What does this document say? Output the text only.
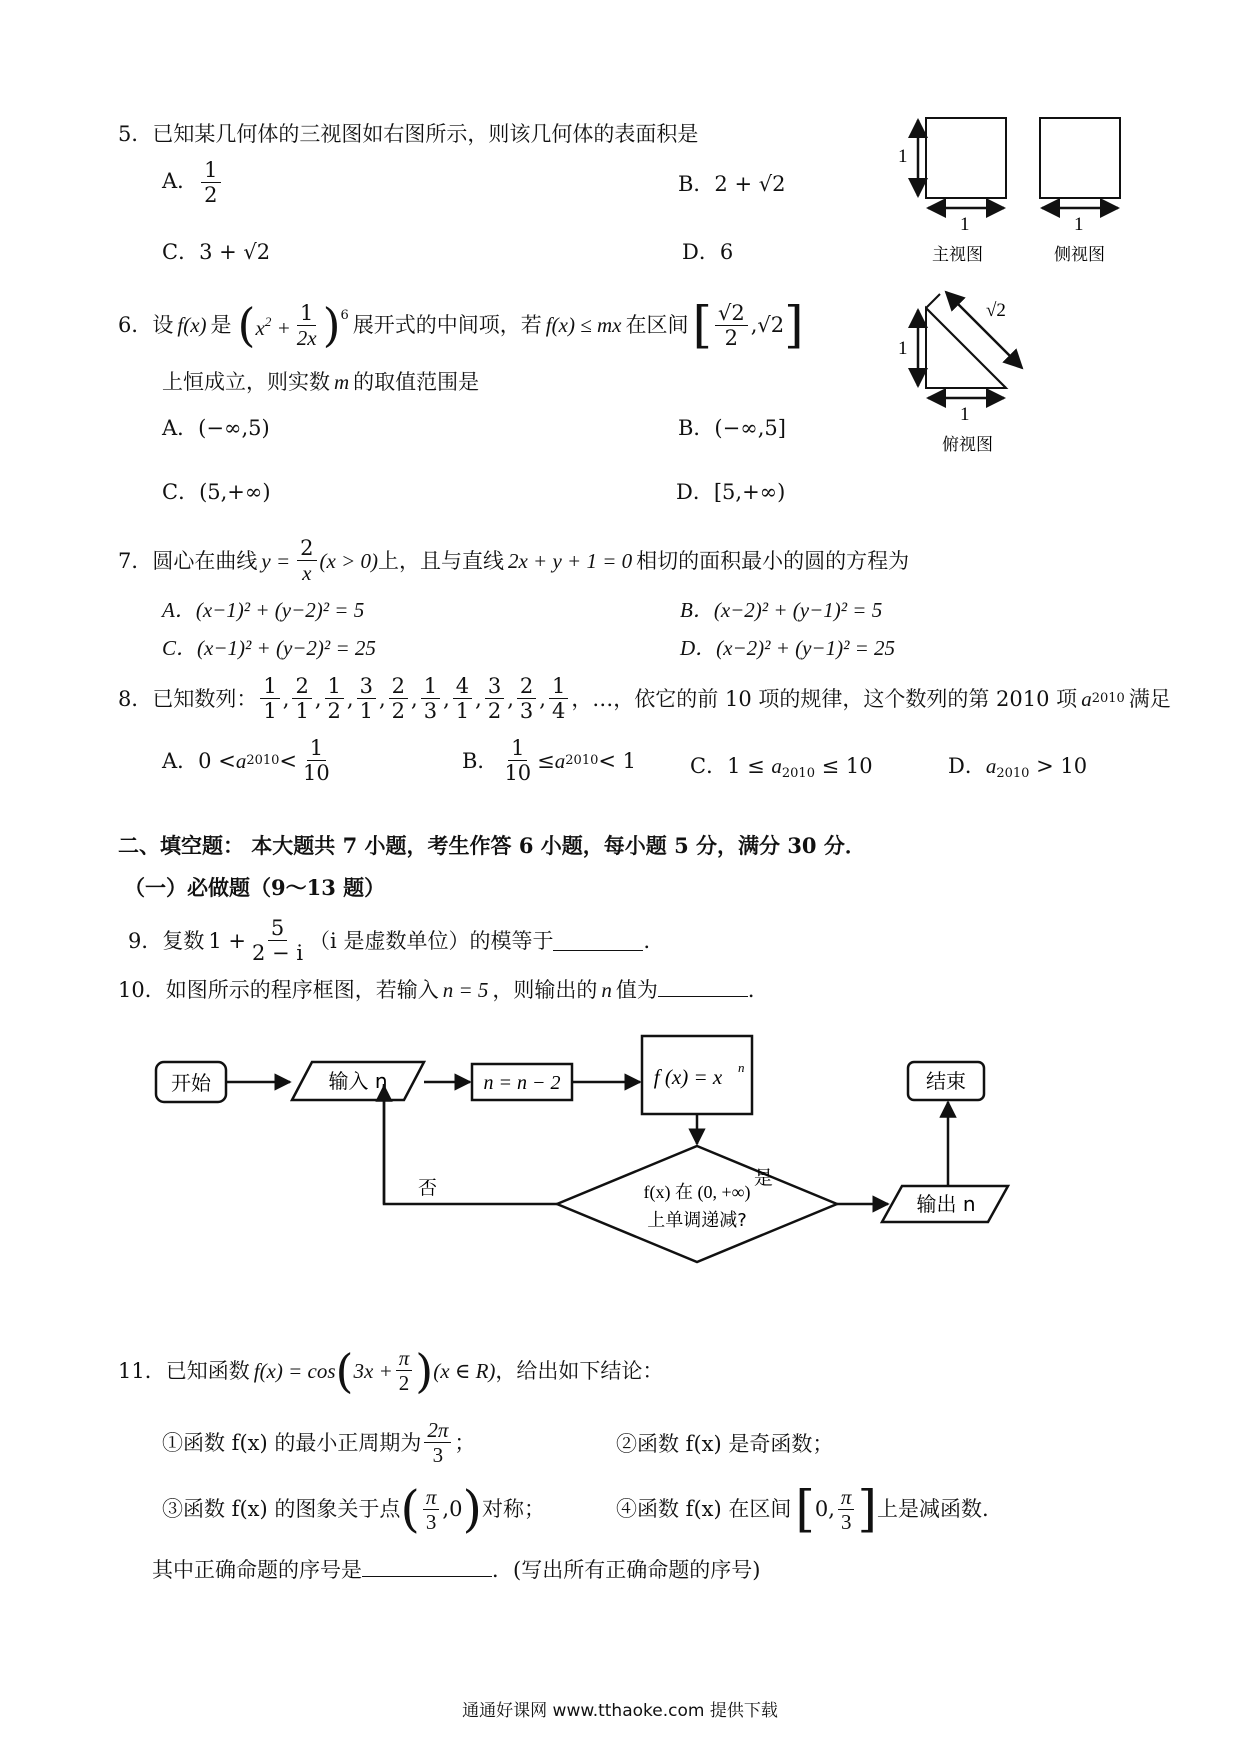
5．已知某几何体的三视图如右图所示，则该几何体的表面积是
A． $\frac{1}{2}$	B．2 + √2
C．3 + √2	D．6
1
1
主视图
1
侧视图
1
1
√2
俯视图
6．设 f(x) 是 ( $x^2 + \frac{1}{2x}$ ) 6 展开式的中间项，若 f(x) ≤ mx 在区间 [ $\frac{√2}{2} ,√2$ ]
上恒成立，则实数 m 的取值范围是
A．(−∞,5)	B．(−∞,5]
C．(5,+∞)	D．[5,+∞)
7．圆心在曲线 $y = \frac{2}{x} (x > 0)$ 上，且与直线 2x + y + 1 = 0 相切的面积最小的圆的方程为
A．(x−1)² + (y−2)² = 5	B．(x−2)² + (y−1)² = 5
C．(x−1)² + (y−2)² = 25	D．(x−2)² + (y−1)² = 25
8．已知数列： $\frac{1}{1}$ , $\frac{2}{1}$ , $\frac{1}{2}$ , $\frac{3}{1}$ , $\frac{2}{2}$ , $\frac{1}{3}$ , $\frac{4}{1}$ , $\frac{3}{2}$ , $\frac{2}{3}$ , $\frac{1}{4}$ ，…，依它的前 10 项的规律，这个数列的第 2010 项 a 2010 满足
A．0 < a $2010 < \frac{1}{10}$	B． $\frac{1}{10} \le a$ 2010 < 1	C．$1 \le a_{2010} \le 10$	D．$a_{2010} > 10$
二、填空题： 本大题共 7 小题，考生作答 6 小题，每小题 5 分，满分 30 分．
（一）必做题（9～13 题）
9．复数 $1 + \frac{5}{2 - i} (i$ 是虚数单位）的模等于	．
10．如图所示的程序框图，若输入 n = 5 ，则输出的 n 值为	．
开始	输入 n	n = n − 2	f (x) = x n
f(x) 在 (0, +∞)
上单调递减?
否	是
输出 n
结束
11．已知函数 f(x) = cos ( $3x + \frac{\pi}{2}$ ) (x ∈ R) ，给出如下结论：
①函数 f(x) 的最小正周期为 $\frac{2\pi}{3}$ ；	②函数 f(x) 是奇函数；
③函数 f(x) 的图象关于点 ( $\frac{\pi}{3} ,0$ ) 对称；	④函数 f(x) 在区间 [ 0, $\frac{\pi}{3}$ ] 上是减函数.
其中正确命题的序号是	．(写出所有正确命题的序号)
通通好课网 www.tthaoke.com 提供下载
